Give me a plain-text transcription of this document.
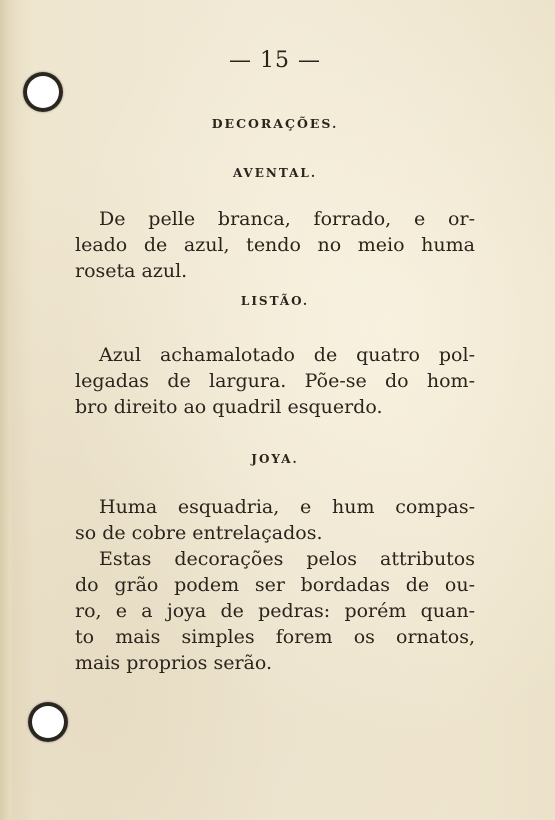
— 15 —
DECORAÇÕES.
AVENTAL.
De pelle branca, forrado, e or-
leado de azul, tendo no meio huma
roseta azul.
LISTÃO.
Azul achamalotado de quatro pol-
legadas de largura. Põe-se do hom-
bro direito ao quadril esquerdo.
JOYA.
Huma esquadria, e hum compas-
so de cobre entrelaçados.
Estas decorações pelos attributos
do grão podem ser bordadas de ou-
ro, e a joya de pedras: porém quan-
to mais simples forem os ornatos,
mais proprios serão.
